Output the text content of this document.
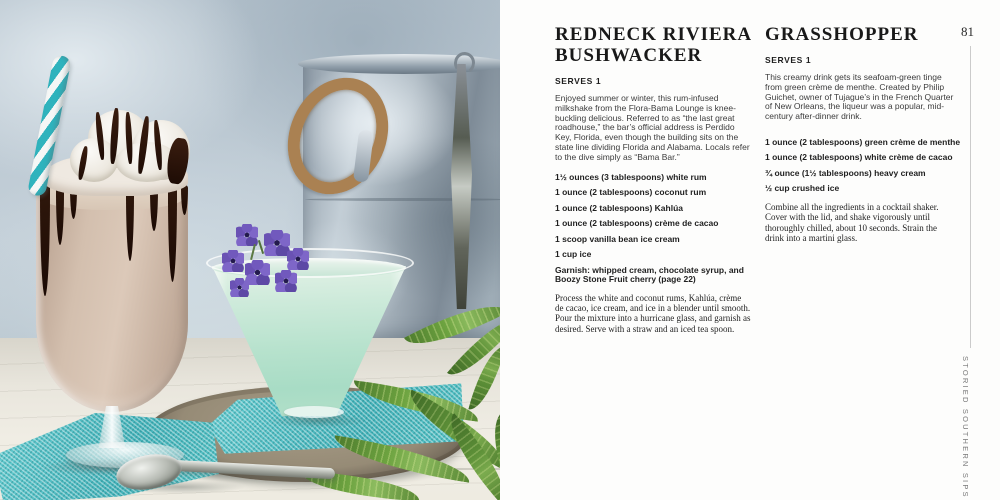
81
STORIED SOUTHERN SIPS
REDNECK RIVIERA
BUSHWACKER
SERVES 1

Enjoyed summer or winter, this rum-infused milkshake from the Flora-Bama Lounge is knee-buckling delicious. Referred to as “the last great roadhouse,” the bar’s official address is Perdido Key, Florida, even though the building sits on the state line dividing Florida and Alabama. Locals refer to the dive simply as “Bama Bar.”

1½ ounces (3 tablespoons) white rum
1 ounce (2 tablespoons) coconut rum
1 ounce (2 tablespoons) Kahlúa
1 ounce (2 tablespoons) crème de cacao
1 scoop vanilla bean ice cream
1 cup ice
Garnish: whipped cream, chocolate syrup, and Boozy Stone Fruit cherry (page 22)

Process the white and coconut rums, Kahlúa, crème de cacao, ice cream, and ice in a blender until smooth. Pour the mixture into a hurricane glass, and garnish as desired. Serve with a straw and an iced tea spoon.

GRASSHOPPER
SERVES 1

This creamy drink gets its seafoam-green tinge from green crème de menthe. Created by Philip Guichet, owner of Tujague’s in the French Quarter of New Orleans, the liqueur was a popular, mid-century after-dinner drink.

1 ounce (2 tablespoons) green crème de menthe
1 ounce (2 tablespoons) white crème de cacao
¾ ounce (1½ tablespoons) heavy cream
½ cup crushed ice

Combine all the ingredients in a cocktail shaker. Cover with the lid, and shake vigorously until thoroughly chilled, about 10 seconds. Strain the drink into a martini glass.
